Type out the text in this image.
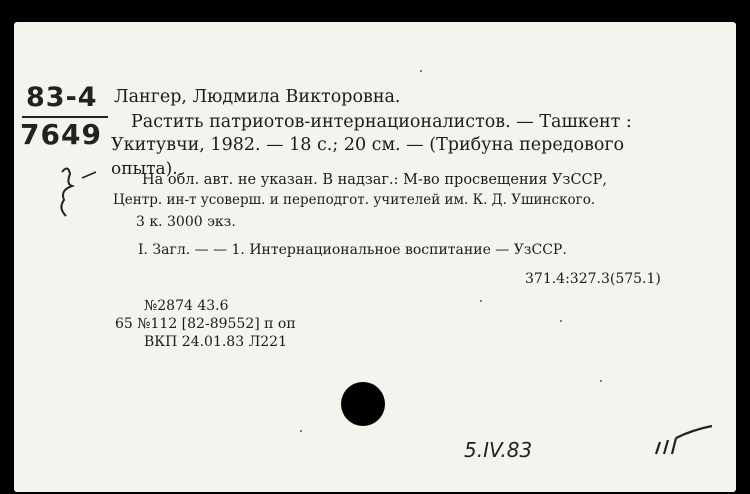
83-4
7649
Лангер, Людмила Викторовна.
Растить патриотов-интернационалистов. — Ташкент :
Укитувчи, 1982. — 18 с.; 20 см. — (Трибуна передового
опыта).
На обл. авт. не указан. В надзаг.: М-во просвещения УзССР,
Центр. ин-т усоверш. и переподгот. учителей им. К. Д. Ушинского.
3 к. 3000 экз.
I. Загл. — — 1. Интернациональное воспитание — УзССР.
371.4:327.3(575.1)
№2874 43.6
65 №112 [82-89552] п оп
ВКП 24.01.83 Л221
5.IV.83
